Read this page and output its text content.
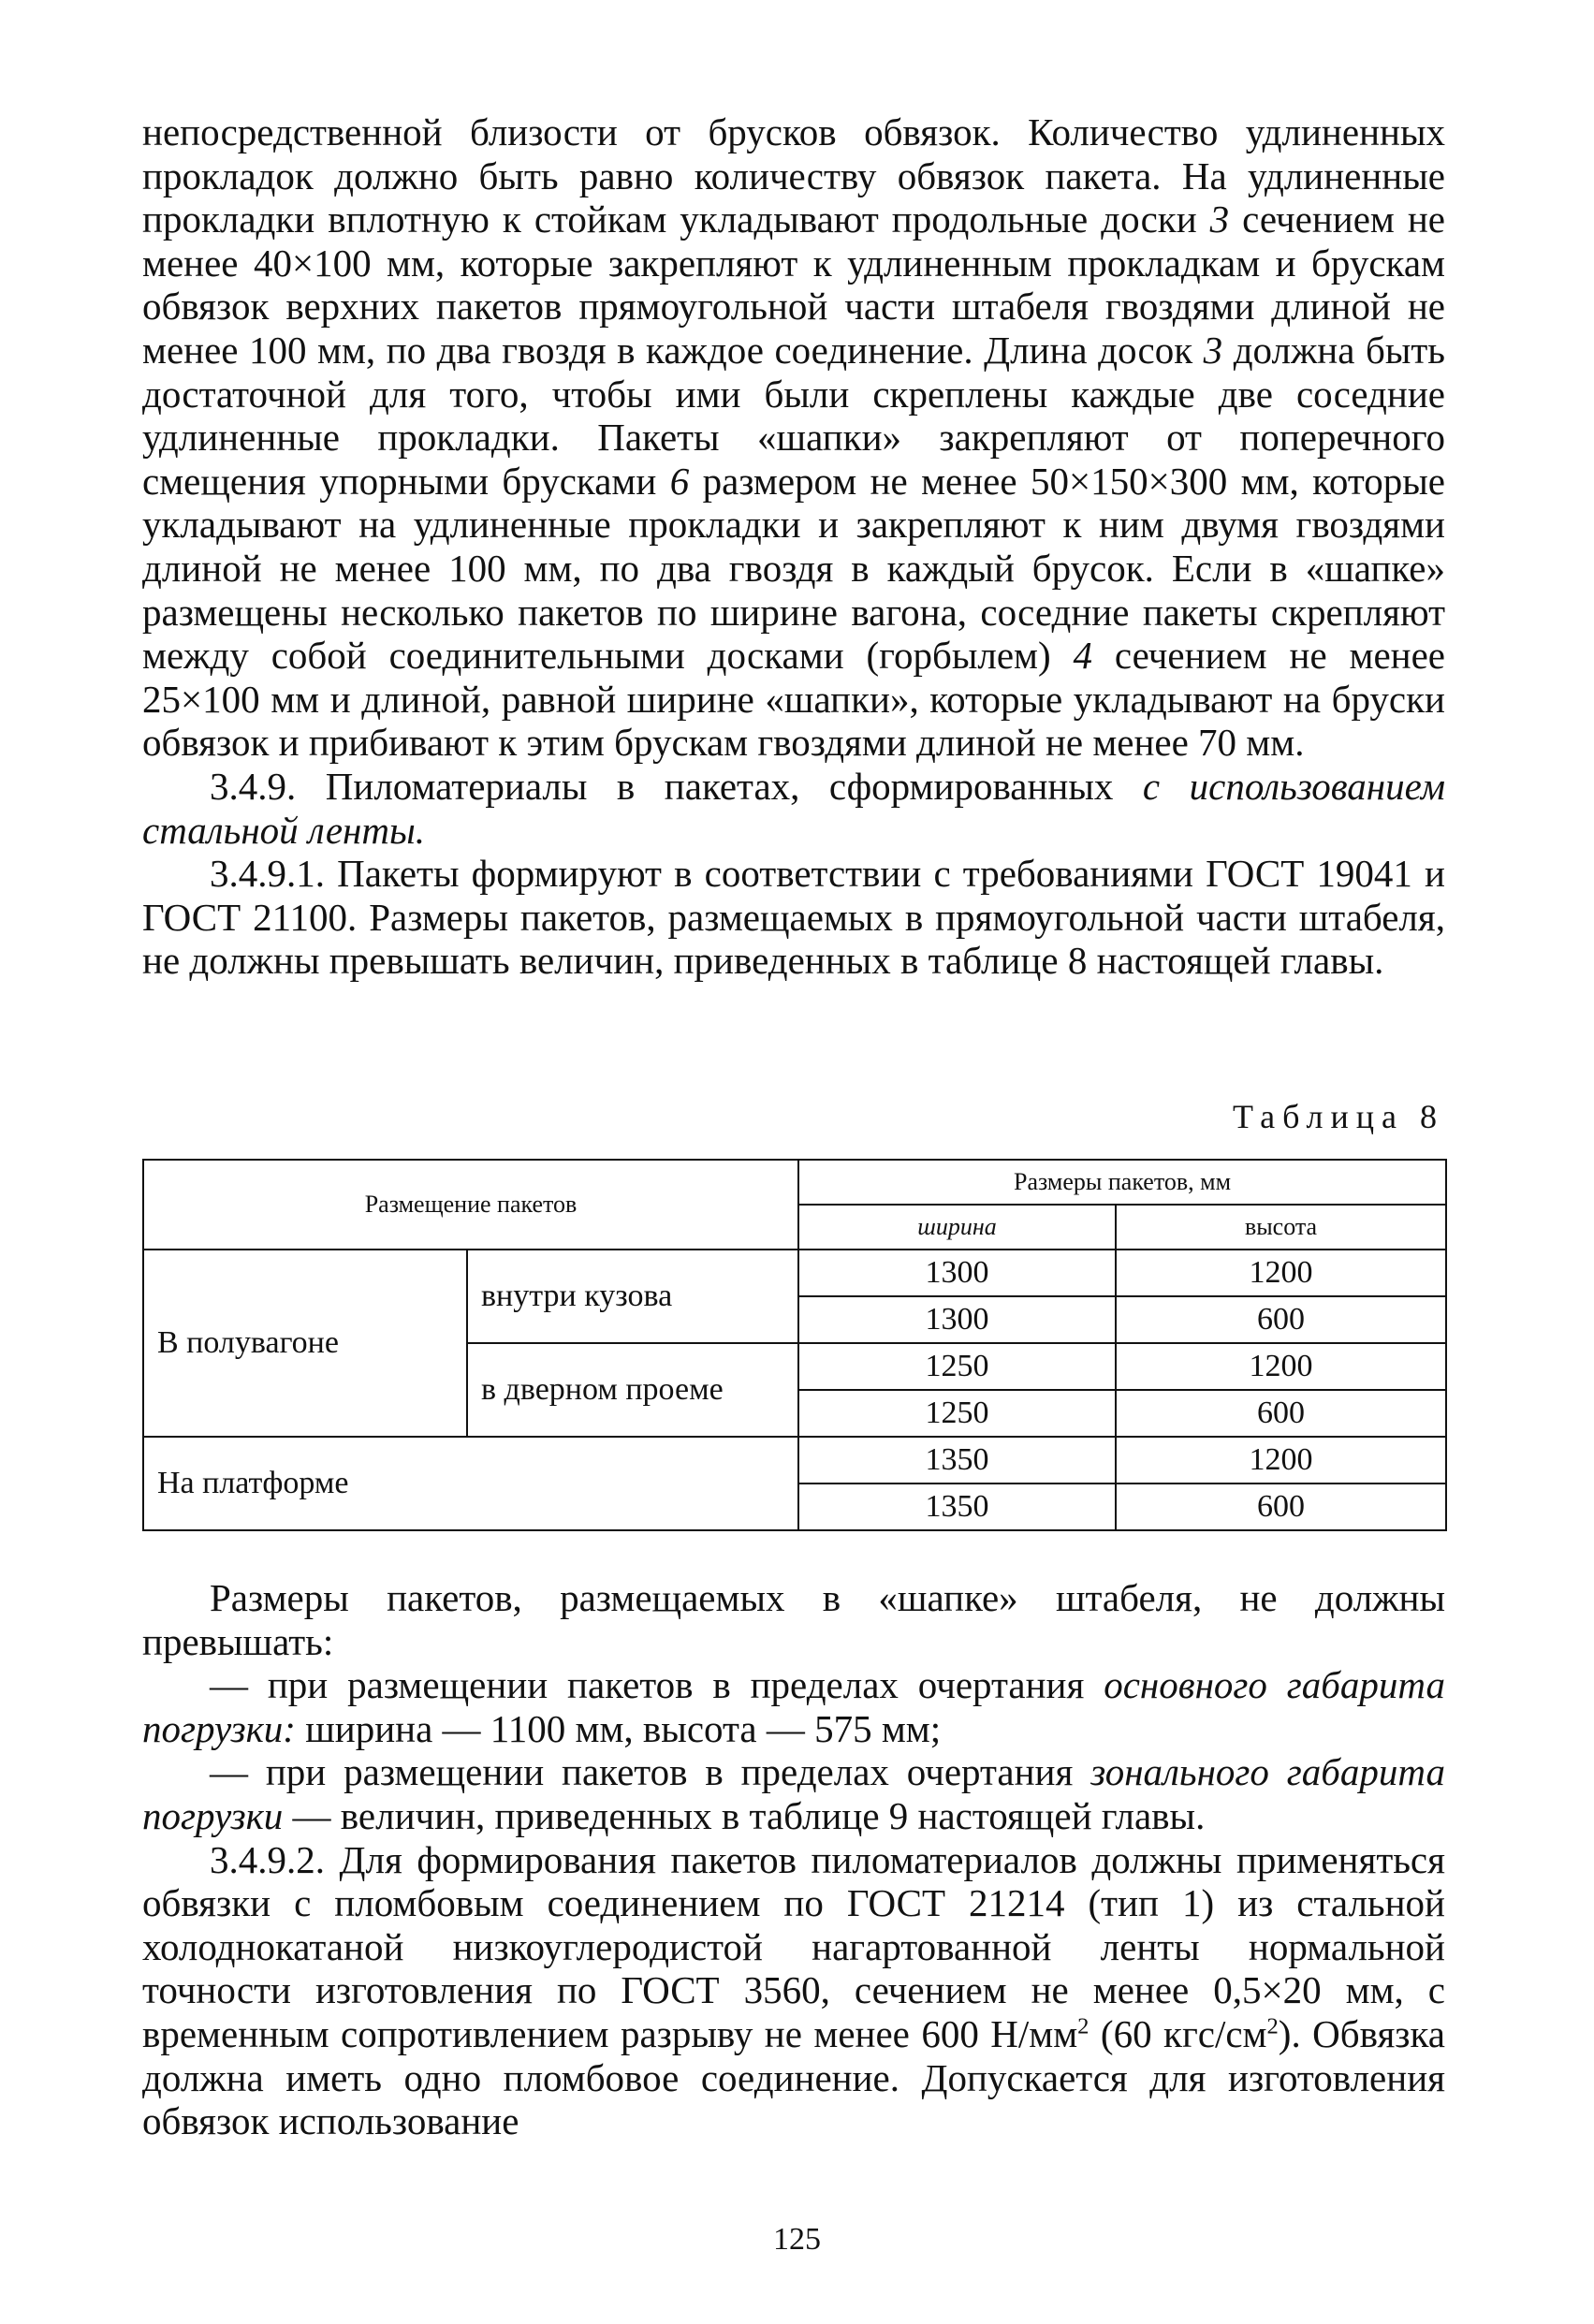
непосредственной близости от брусков обвязок. Количество удлиненных прокладок должно быть равно количеству обвязок пакета. На удлиненные прокладки вплотную к стойкам укладывают продольные доски 3 сечением не менее 40×100 мм, которые закрепляют к удлиненным прокладкам и брускам обвязок верхних пакетов прямоугольной части штабеля гвоздями длиной не менее 100 мм, по два гвоздя в каждое соединение. Длина досок 3 должна быть достаточной для того, чтобы ими были скреплены каждые две соседние удлиненные прокладки. Пакеты «шапки» закрепляют от поперечного смещения упорными брусками 6 размером не менее 50×150×300 мм, которые укладывают на удлиненные прокладки и закрепляют к ним двумя гвоздями длиной не менее 100 мм, по два гвоздя в каждый брусок. Если в «шапке» размещены несколько пакетов по ширине вагона, соседние пакеты скрепляют между собой соединительными досками (горбылем) 4 сечением не менее 25×100 мм и длиной, равной ширине «шапки», которые укладывают на бруски обвязок и прибивают к этим брускам гвоздями длиной не менее 70 мм.

3.4.9. Пиломатериалы в пакетах, сформированных с использованием стальной ленты.

3.4.9.1. Пакеты формируют в соответствии с требованиями ГОСТ 19041 и ГОСТ 21100. Размеры пакетов, размещаемых в прямоугольной части штабеля, не должны превышать величин, приведенных в таблице 8 настоящей главы.

Таблица 8
Размещение пакетов		Размеры пакетов, мм	
		ширина	высота
В полувагоне	внутри кузова	1300	1200
		1300	600
	в дверном проеме	1250	1200
		1250	600
На платформе		1350	1200
		1350	600

Размеры пакетов, размещаемых в «шапке» штабеля, не должны превышать:

— при размещении пакетов в пределах очертания основного габарита погрузки: ширина — 1100 мм, высота — 575 мм;

— при размещении пакетов в пределах очертания зонального габарита погрузки — величин, приведенных в таблице 9 настоящей главы.

3.4.9.2. Для формирования пакетов пиломатериалов должны применяться обвязки с пломбовым соединением по ГОСТ 21214 (тип 1) из стальной холоднокатаной низкоуглеродистой нагартованной ленты нормальной точности изготовления по ГОСТ 3560, сечением не менее 0,5×20 мм, с временным сопротивлением разрыву не менее 600 $Н/мм^2$ (60 кгс/$см^2$). Обвязка должна иметь одно пломбовое соединение. Допускается для изготовления обвязок использование

125
